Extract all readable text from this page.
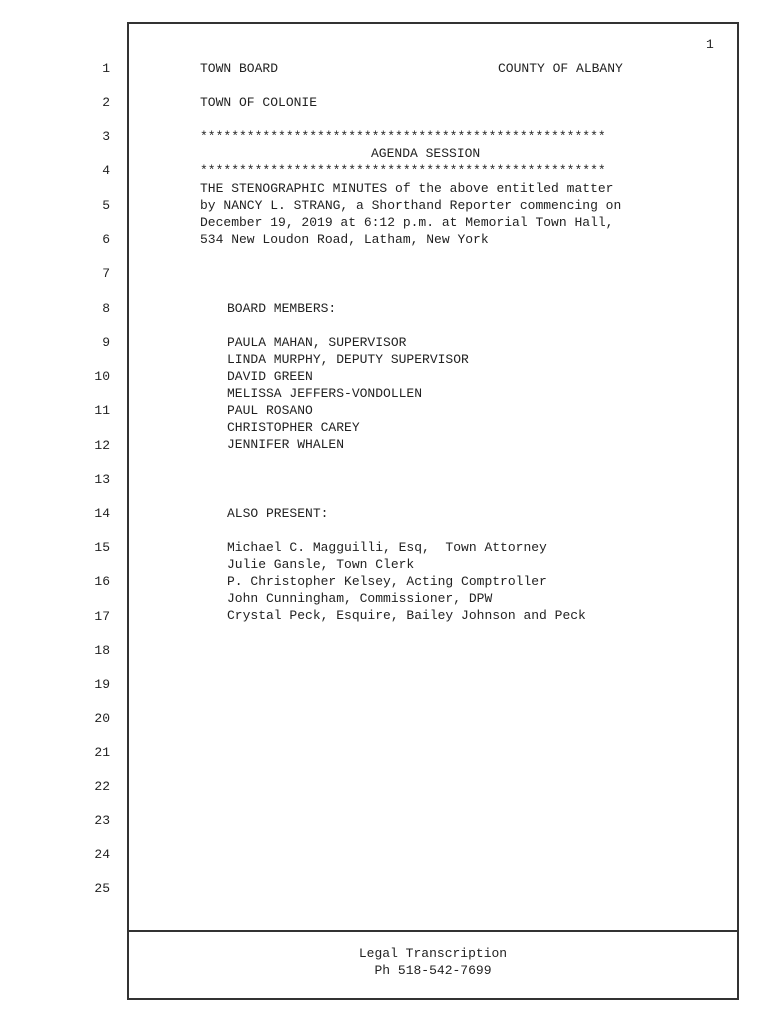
1
1
2
3
4
5
6
7
8
9
10
11
12
13
14
15
16
17
18
19
20
21
22
23
24
25
TOWN BOARD	COUNTY OF ALBANY
TOWN OF COLONIE
****************************************************
AGENDA SESSION
****************************************************
THE STENOGRAPHIC MINUTES of the above entitled matter
by NANCY L. STRANG, a Shorthand Reporter commencing on
December 19, 2019 at 6:12 p.m. at Memorial Town Hall,
534 New Loudon Road, Latham, New York
BOARD MEMBERS:
PAULA MAHAN, SUPERVISOR
LINDA MURPHY, DEPUTY SUPERVISOR
DAVID GREEN
MELISSA JEFFERS-VONDOLLEN
PAUL ROSANO
CHRISTOPHER CAREY
JENNIFER WHALEN
ALSO PRESENT:
Michael C. Magguilli, Esq,  Town Attorney
Julie Gansle, Town Clerk
P. Christopher Kelsey, Acting Comptroller
John Cunningham, Commissioner, DPW
Crystal Peck, Esquire, Bailey Johnson and Peck
Legal Transcription
Ph 518-542-7699
